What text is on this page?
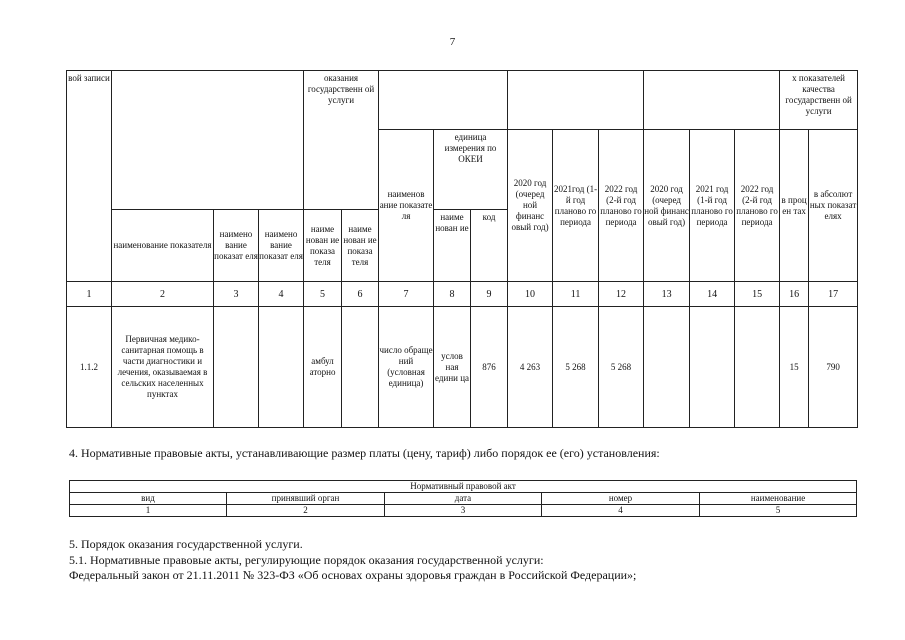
7
вой записи				оказания государственн ой услуги											х показателей качества государственн ой услуги	
						наименов ание показате ля	единица измерения по ОКЕИ		2020 год (очеред ной финанс овый год)	2021год (1-й год планово го периода	2022 год (2-й год планово го периода	2020 год (очеред ной финанс овый год)	2021 год (1-й год планово го периода	2022 год (2-й год планово го периода	в проц ен тах	в абсолют ных показат елях
	наименование показателя	наимено вание показат еля	наимено вание показат еля	наиме нован ие показа теля	наиме нован ие показа теля		наиме нован ие	код								
1	2	3	4	5	6	7	8	9	10	11	12	13	14	15	16	17
1.1.2	Первичная медико-санитарная помощь в части диагностики и лечения, оказываемая в сельских населенных пунктах			амбул аторно		число обраще ний (условная единица)	услов ная едини ца	876	4 263	5 268	5 268				15	790
4. Нормативные правовые акты, устанавливающие размер платы (цену, тариф) либо порядок ее (его) установления:
Нормативный правовой акт				
вид	принявший орган	дата	номер	наименование
1	2	3	4	5
5. Порядок оказания государственной услуги.
5.1. Нормативные правовые акты, регулирующие порядок оказания государственной услуги:
Федеральный закон от 21.11.2011 № 323-ФЗ «Об основах охраны здоровья граждан в Российской Федерации»;
